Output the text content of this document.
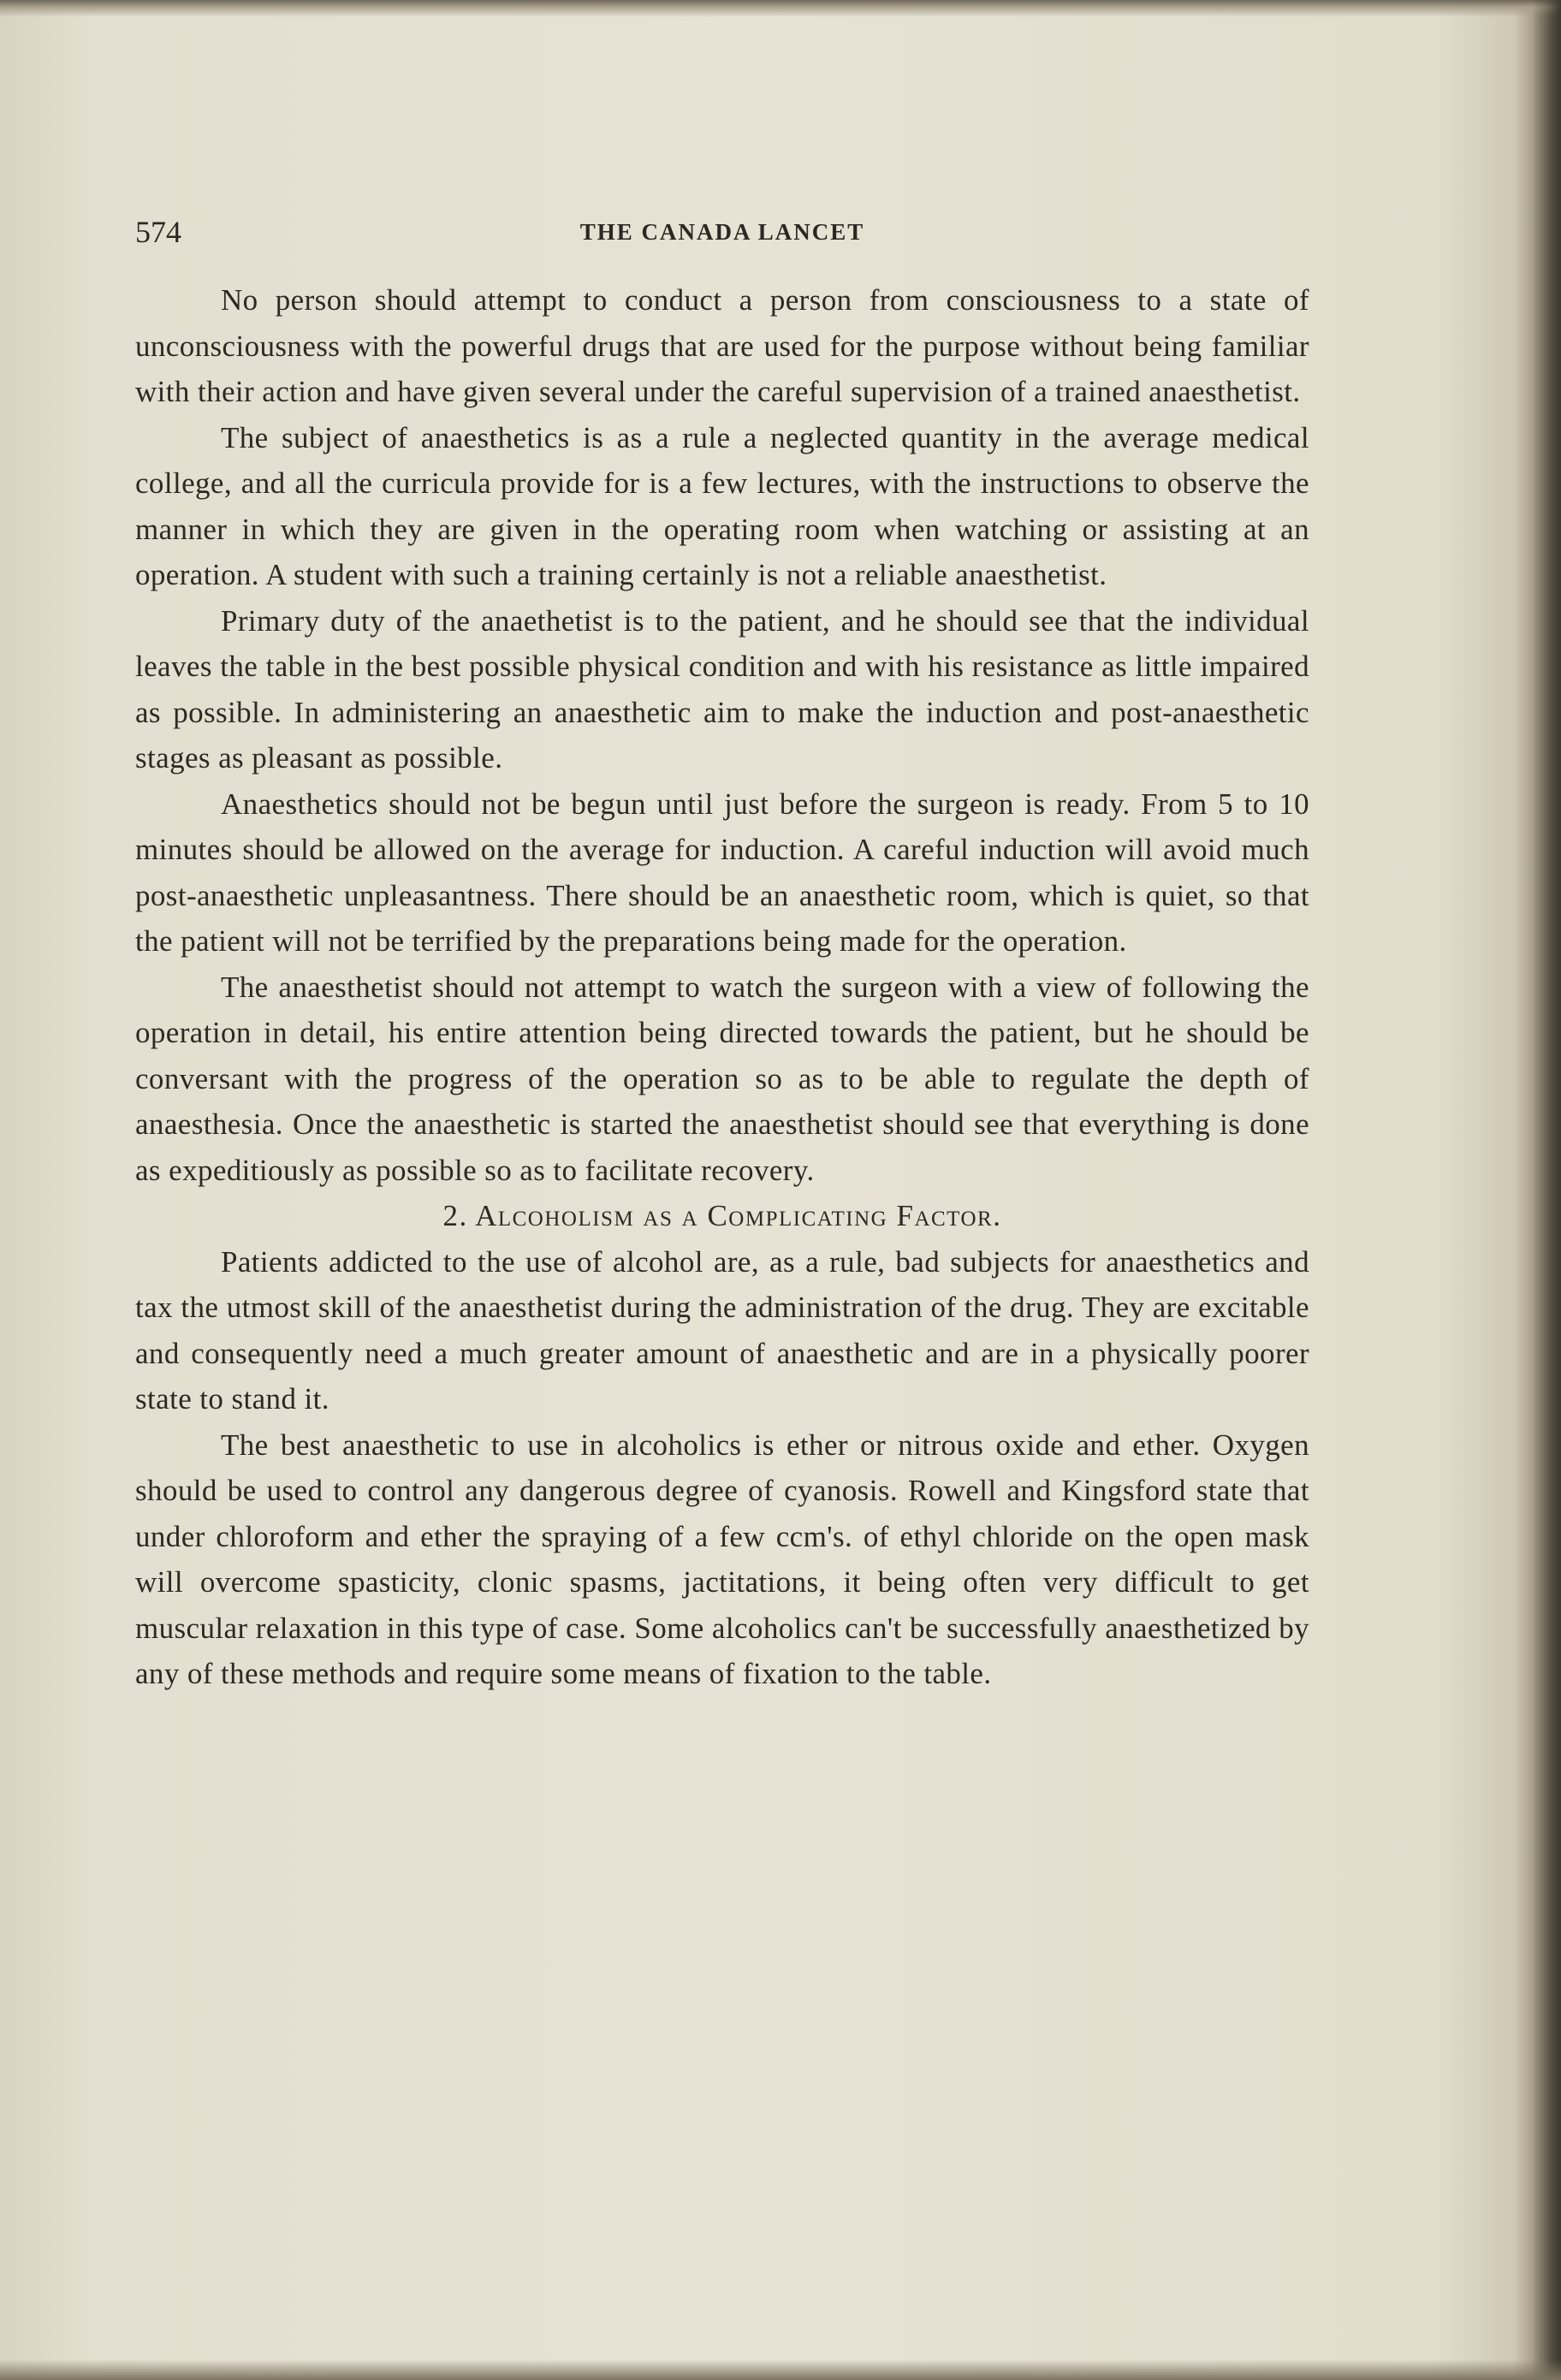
574	THE CANADA LANCET

No person should attempt to conduct a person from consciousness to a state of unconsciousness with the powerful drugs that are used for the purpose without being familiar with their action and have given several under the careful supervision of a trained anaesthetist.

The subject of anaesthetics is as a rule a neglected quantity in the average medical college, and all the curricula provide for is a few lectures, with the instructions to observe the manner in which they are given in the operating room when watching or assisting at an operation. A student with such a training certainly is not a reliable anaesthetist.

Primary duty of the anaethetist is to the patient, and he should see that the individual leaves the table in the best possible physical condition and with his resistance as little impaired as possible. In administering an anaesthetic aim to make the induction and post-anaesthetic stages as pleasant as possible.

Anaesthetics should not be begun until just before the surgeon is ready. From 5 to 10 minutes should be allowed on the average for induction. A careful induction will avoid much post-anaesthetic unpleasantness. There should be an anaesthetic room, which is quiet, so that the patient will not be terrified by the preparations being made for the operation.

The anaesthetist should not attempt to watch the surgeon with a view of following the operation in detail, his entire attention being directed towards the patient, but he should be conversant with the progress of the operation so as to be able to regulate the depth of anaesthesia. Once the anaesthetic is started the anaesthetist should see that everything is done as expeditiously as possible so as to facilitate recovery.

2. Alcoholism as a Complicating Factor.

Patients addicted to the use of alcohol are, as a rule, bad subjects for anaesthetics and tax the utmost skill of the anaesthetist during the administration of the drug. They are excitable and consequently need a much greater amount of anaesthetic and are in a physically poorer state to stand it.

The best anaesthetic to use in alcoholics is ether or nitrous oxide and ether. Oxygen should be used to control any dangerous degree of cyanosis. Rowell and Kingsford state that under chloroform and ether the spraying of a few ccm's. of ethyl chloride on the open mask will overcome spasticity, clonic spasms, jactitations, it being often very difficult to get muscular relaxation in this type of case. Some alcoholics can't be successfully anaesthetized by any of these methods and require some means of fixation to the table.
